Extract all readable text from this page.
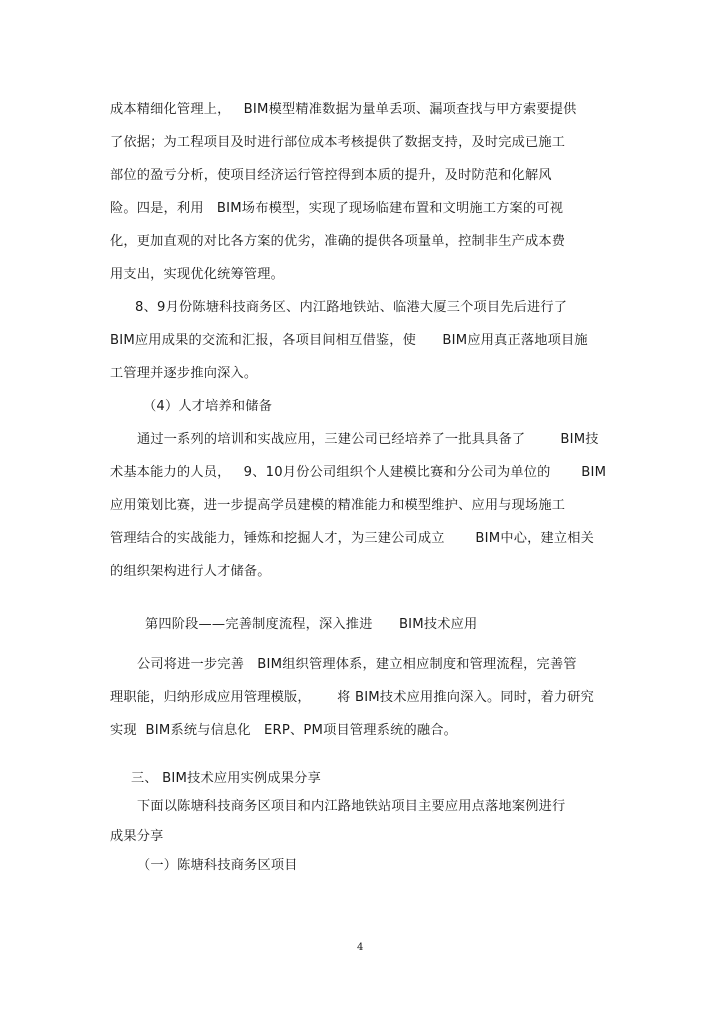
成本精细化管理上，   BIM模型精准数据为量单丢项、漏项查找与甲方索要提供
了依据；为工程项目及时进行部位成本考核提供了数据支持，及时完成已施工
部位的盈亏分析，使项目经济运行管控得到本质的提升，及时防范和化解风
险。四是，利用   BIM场布模型，实现了现场临建布置和文明施工方案的可视
化，更加直观的对比各方案的优劣，准确的提供各项量单，控制非生产成本费
用支出，实现优化统筹管理。
8、9月份陈塘科技商务区、内江路地铁站、临港大厦三个项目先后进行了
BIM应用成果的交流和汇报，各项目间相互借鉴，使      BIM应用真正落地项目施
工管理并逐步推向深入。
（4）人才培养和储备
通过一系列的培训和实战应用，三建公司已经培养了一批具具备了        BIM技
术基本能力的人员，   9、10月份公司组织个人建模比赛和分公司为单位的       BIM
应用策划比赛，进一步提高学员建模的精准能力和模型维护、应用与现场施工
管理结合的实战能力，锤炼和挖掘人才，为三建公司成立       BIM中心，建立相关
的组织架构进行人才储备。
第四阶段——完善制度流程，深入推进      BIM技术应用
公司将进一步完善   BIM组织管理体系，建立相应制度和管理流程，完善管
理职能，归纳形成应用管理模版，      将 BIM技术应用推向深入。同时，着力研究
实现  BIM系统与信息化   ERP、PM项目管理系统的融合。
三、 BIM技术应用实例成果分享
下面以陈塘科技商务区项目和内江路地铁站项目主要应用点落地案例进行
成果分享
（一）陈塘科技商务区项目
4
